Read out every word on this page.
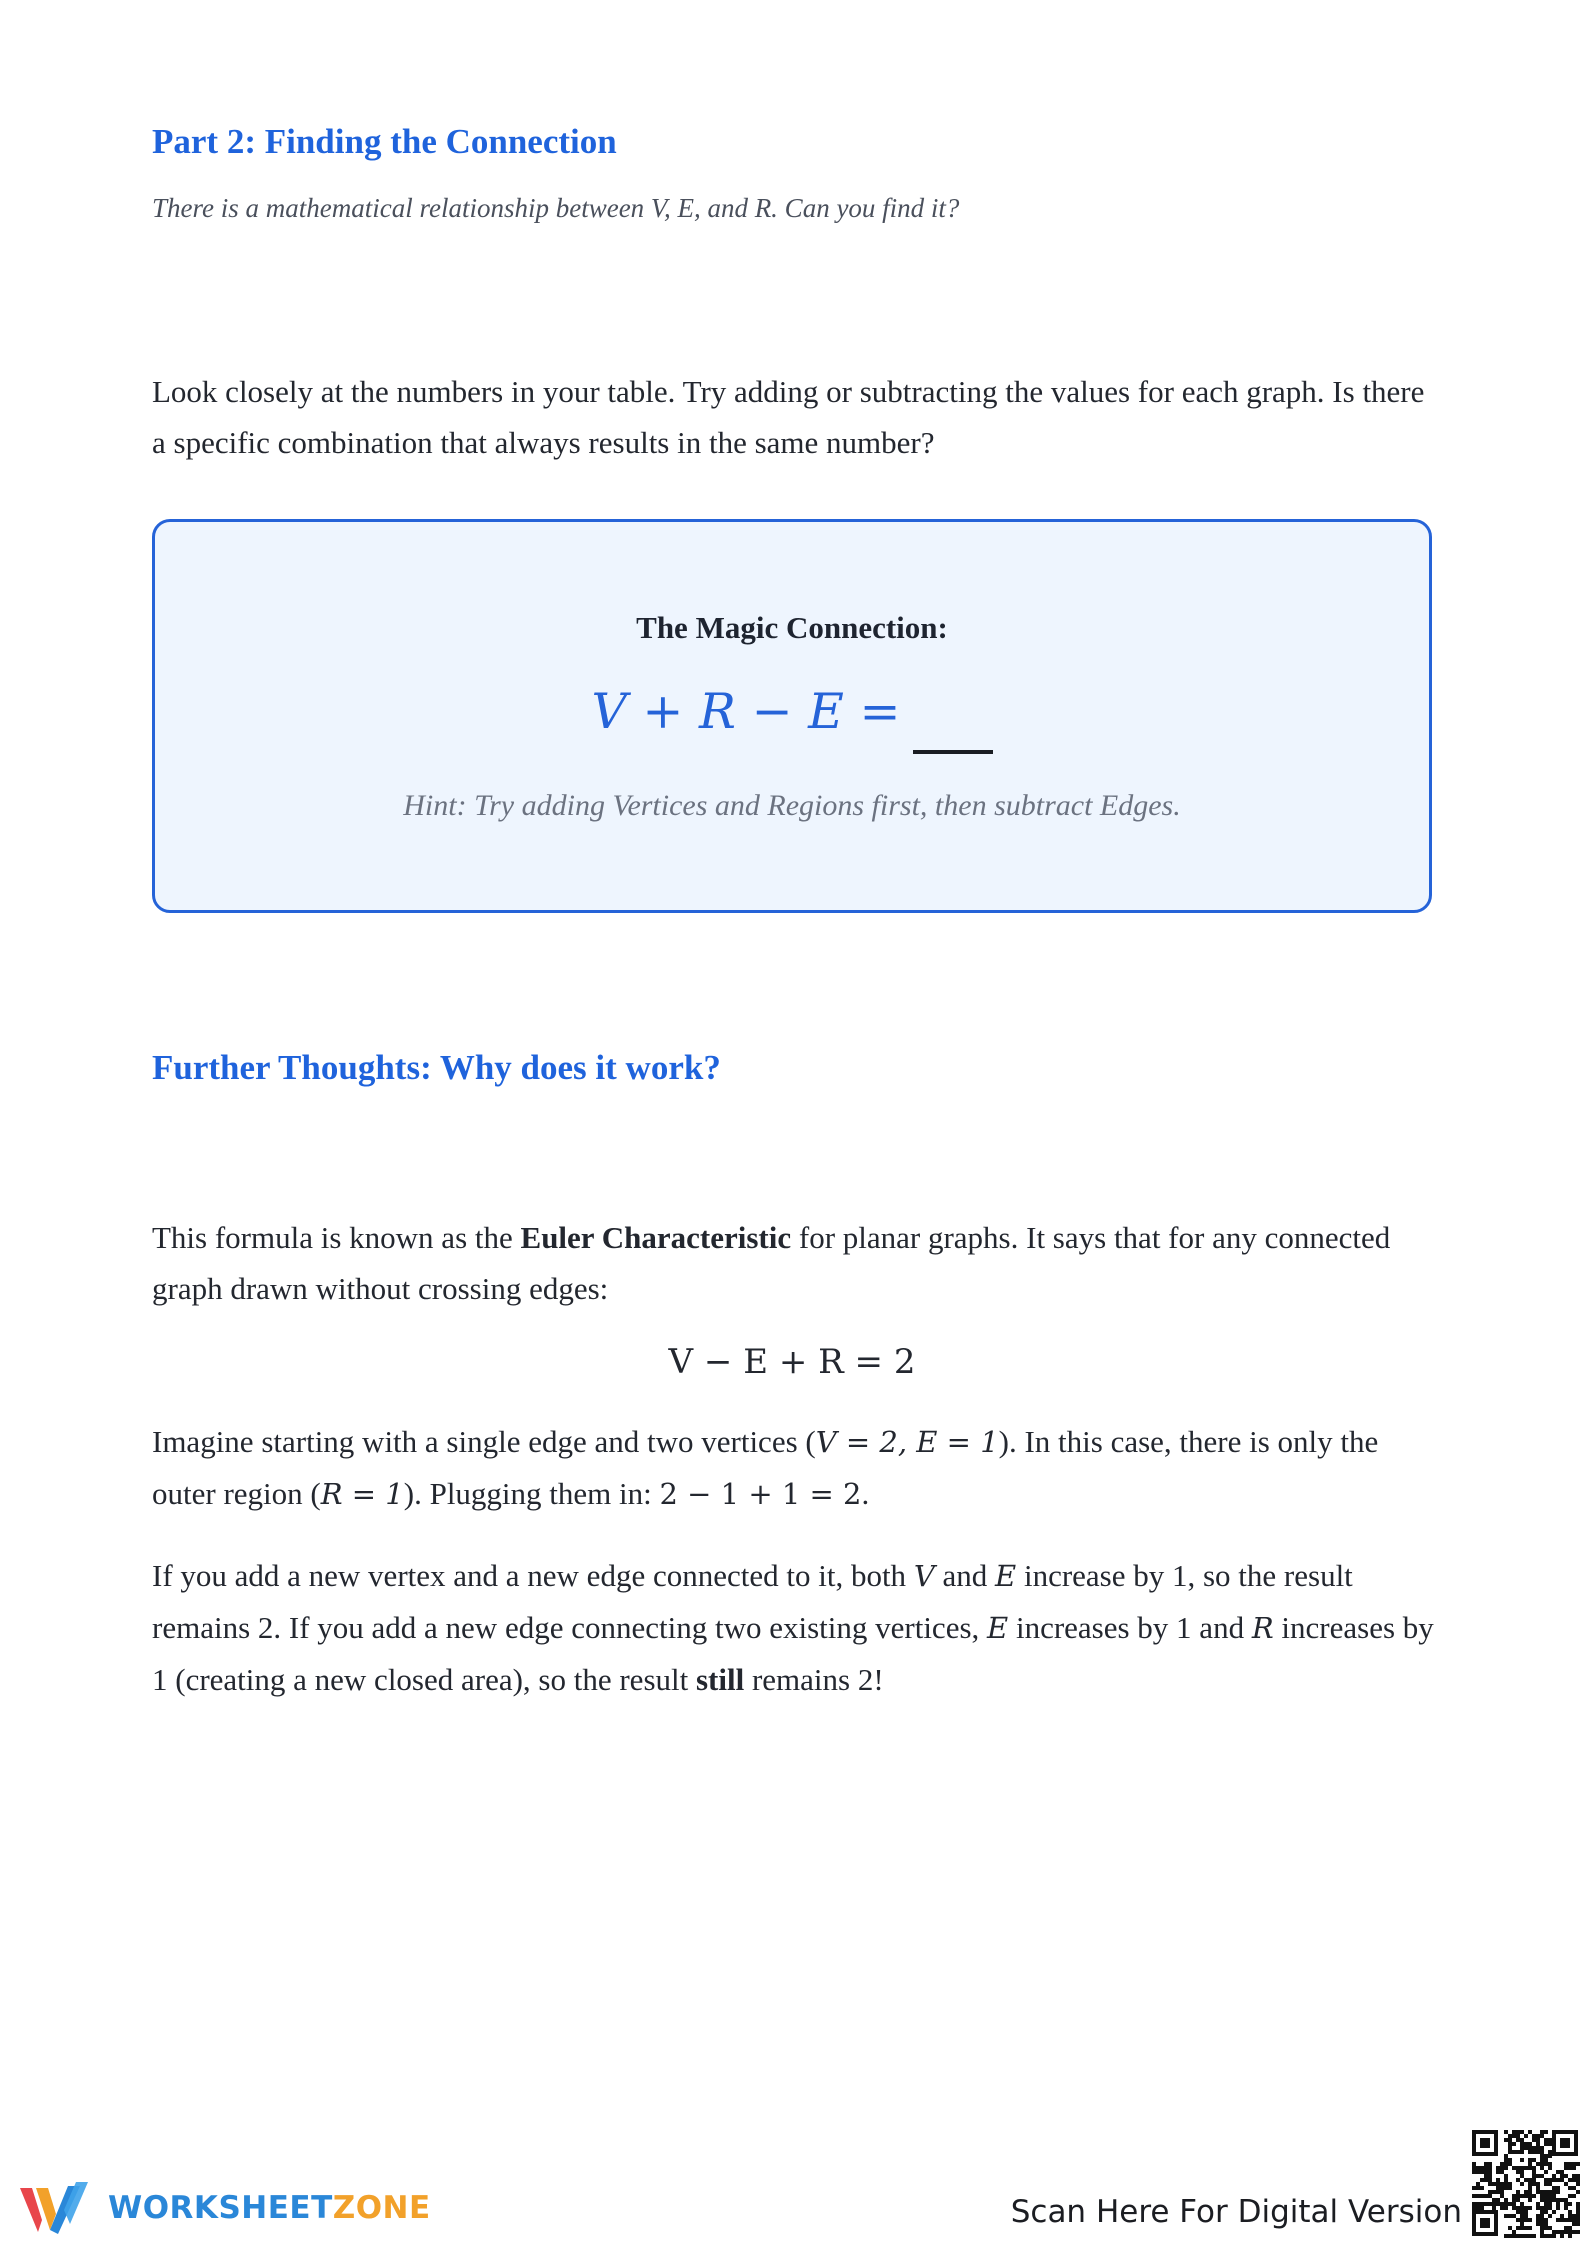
Part 2: Finding the Connection
There is a mathematical relationship between V, E, and R. Can you find it?
Look closely at the numbers in your table. Try adding or subtracting the values for each graph. Is there a specific combination that always results in the same number?
The Magic Connection:
V + R − E =
Hint: Try adding Vertices and Regions first, then subtract Edges.
Further Thoughts: Why does it work?
This formula is known as the Euler Characteristic for planar graphs. It says that for any connected graph drawn without crossing edges:
V − E + R = 2
Imagine starting with a single edge and two vertices (V = 2, E = 1). In this case, there is only the outer region (R = 1). Plugging them in: 2 − 1 + 1 = 2.
If you add a new vertex and a new edge connected to it, both V and E increase by 1, so the result remains 2. If you add a new edge connecting two existing vertices, E increases by 1 and R increases by 1 (creating a new closed area), so the result still remains 2!
WORKSHEETZONE	Scan Here For Digital Version
